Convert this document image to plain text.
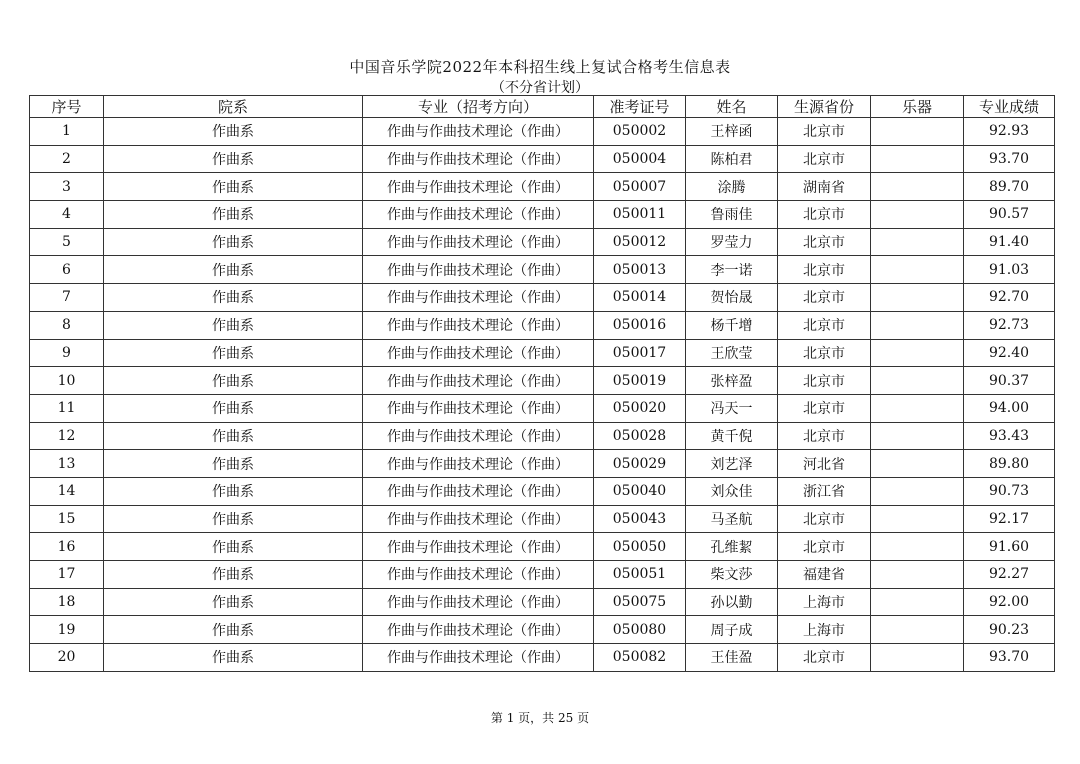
中国音乐学院2022年本科招生线上复试合格考生信息表
（不分省计划）
序号	院系	专业（招考方向）	准考证号	姓名	生源省份	乐器	专业成绩
1	作曲系	作曲与作曲技术理论（作曲）	050002	王梓函	北京市		92.93
2	作曲系	作曲与作曲技术理论（作曲）	050004	陈柏君	北京市		93.70
3	作曲系	作曲与作曲技术理论（作曲）	050007	涂腾	湖南省		89.70
4	作曲系	作曲与作曲技术理论（作曲）	050011	鲁雨佳	北京市		90.57
5	作曲系	作曲与作曲技术理论（作曲）	050012	罗莹力	北京市		91.40
6	作曲系	作曲与作曲技术理论（作曲）	050013	李一诺	北京市		91.03
7	作曲系	作曲与作曲技术理论（作曲）	050014	贺怡晟	北京市		92.70
8	作曲系	作曲与作曲技术理论（作曲）	050016	杨千增	北京市		92.73
9	作曲系	作曲与作曲技术理论（作曲）	050017	王欣莹	北京市		92.40
10	作曲系	作曲与作曲技术理论（作曲）	050019	张梓盈	北京市		90.37
11	作曲系	作曲与作曲技术理论（作曲）	050020	冯天一	北京市		94.00
12	作曲系	作曲与作曲技术理论（作曲）	050028	黄千倪	北京市		93.43
13	作曲系	作曲与作曲技术理论（作曲）	050029	刘艺泽	河北省		89.80
14	作曲系	作曲与作曲技术理论（作曲）	050040	刘众佳	浙江省		90.73
15	作曲系	作曲与作曲技术理论（作曲）	050043	马圣航	北京市		92.17
16	作曲系	作曲与作曲技术理论（作曲）	050050	孔维絜	北京市		91.60
17	作曲系	作曲与作曲技术理论（作曲）	050051	柴文莎	福建省		92.27
18	作曲系	作曲与作曲技术理论（作曲）	050075	孙以勤	上海市		92.00
19	作曲系	作曲与作曲技术理论（作曲）	050080	周子成	上海市		90.23
20	作曲系	作曲与作曲技术理论（作曲）	050082	王佳盈	北京市		93.70
第 1 页，共 25 页
